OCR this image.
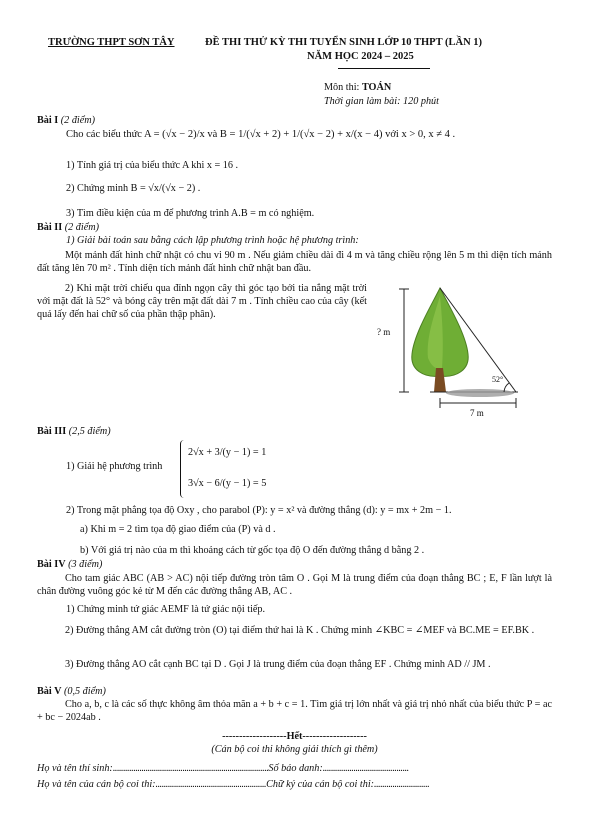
TRƯỜNG THPT SƠN TÂY	ĐỀ THI THỬ KỲ THI TUYỂN SINH LỚP 10 THPT (LẦN 1)
NĂM HỌC 2024 – 2025
Môn thi: TOÁN
Thời gian làm bài: 120 phút
Bài I (2 điểm)
Cho các biểu thức A = (√x − 2)/x và B = 1/(√x + 2) + 1/(√x − 2) + x/(x − 4) với x > 0, x ≠ 4 .
1) Tính giá trị của biểu thức A khi x = 16 .
2) Chứng minh B = √x/(√x − 2) .
3) Tìm điều kiện của m để phương trình A.B = m có nghiệm.
Bài II (2 điểm)
1) Giải bài toán sau bằng cách lập phương trình hoặc hệ phương trình:
Một mảnh đất hình chữ nhật có chu vi 90 m . Nếu giảm chiều dài đi 4 m và tăng chiều rộng lên 5 m thì diện tích mảnh đất tăng lên 70 m² . Tính diện tích mảnh đất hình chữ nhật ban đầu.
2) Khi mặt trời chiếu qua đỉnh ngọn cây thì góc tạo bởi tia nắng mặt trời với mặt đất là 52° và bóng cây trên mặt đất dài 7 m . Tính chiều cao của cây (kết quả lấy đến hai chữ số của phần thập phân).
? m
52°
7 m
Bài III (2,5 điểm)
1) Giải hệ phương trình
2√x + 3/(y − 1) = 1
3√x − 6/(y − 1) = 5
2) Trong mặt phẳng tọa độ Oxy , cho parabol (P): y = x² và đường thẳng (d): y = mx + 2m − 1.
a) Khi m = 2 tìm tọa độ giao điểm của (P) và d .
b) Với giá trị nào của m thì khoảng cách từ gốc tọa độ O đến đường thẳng d bằng 2 .
Bài IV (3 điểm)
Cho tam giác ABC (AB > AC) nội tiếp đường tròn tâm O . Gọi M là trung điểm của đoạn thẳng BC ; E, F lần lượt là chân đường vuông góc kẻ từ M đến các đường thẳng AB, AC .
1) Chứng minh tứ giác AEMF là tứ giác nội tiếp.
2) Đường thẳng AM cắt đường tròn (O) tại điểm thứ hai là K . Chứng minh ∠KBC = ∠MEF và BC.ME = EF.BK .
3) Đường thẳng AO cắt cạnh BC tại D . Gọi J là trung điểm của đoạn thẳng EF . Chứng minh AD // JM .
Bài V (0,5 điểm)
Cho a, b, c là các số thực không âm thỏa mãn a + b + c = 1. Tìm giá trị lớn nhất và giá trị nhỏ nhất của biểu thức P = ac + bc − 2024ab .
-------------------Hết-------------------
(Cán bộ coi thi không giải thích gì thêm)
Họ và tên thí sinh:............................................................................Số báo danh:..........................................
Họ và tên của cán bộ coi thi:......................................................Chữ ký của cán bộ coi thi:...........................
